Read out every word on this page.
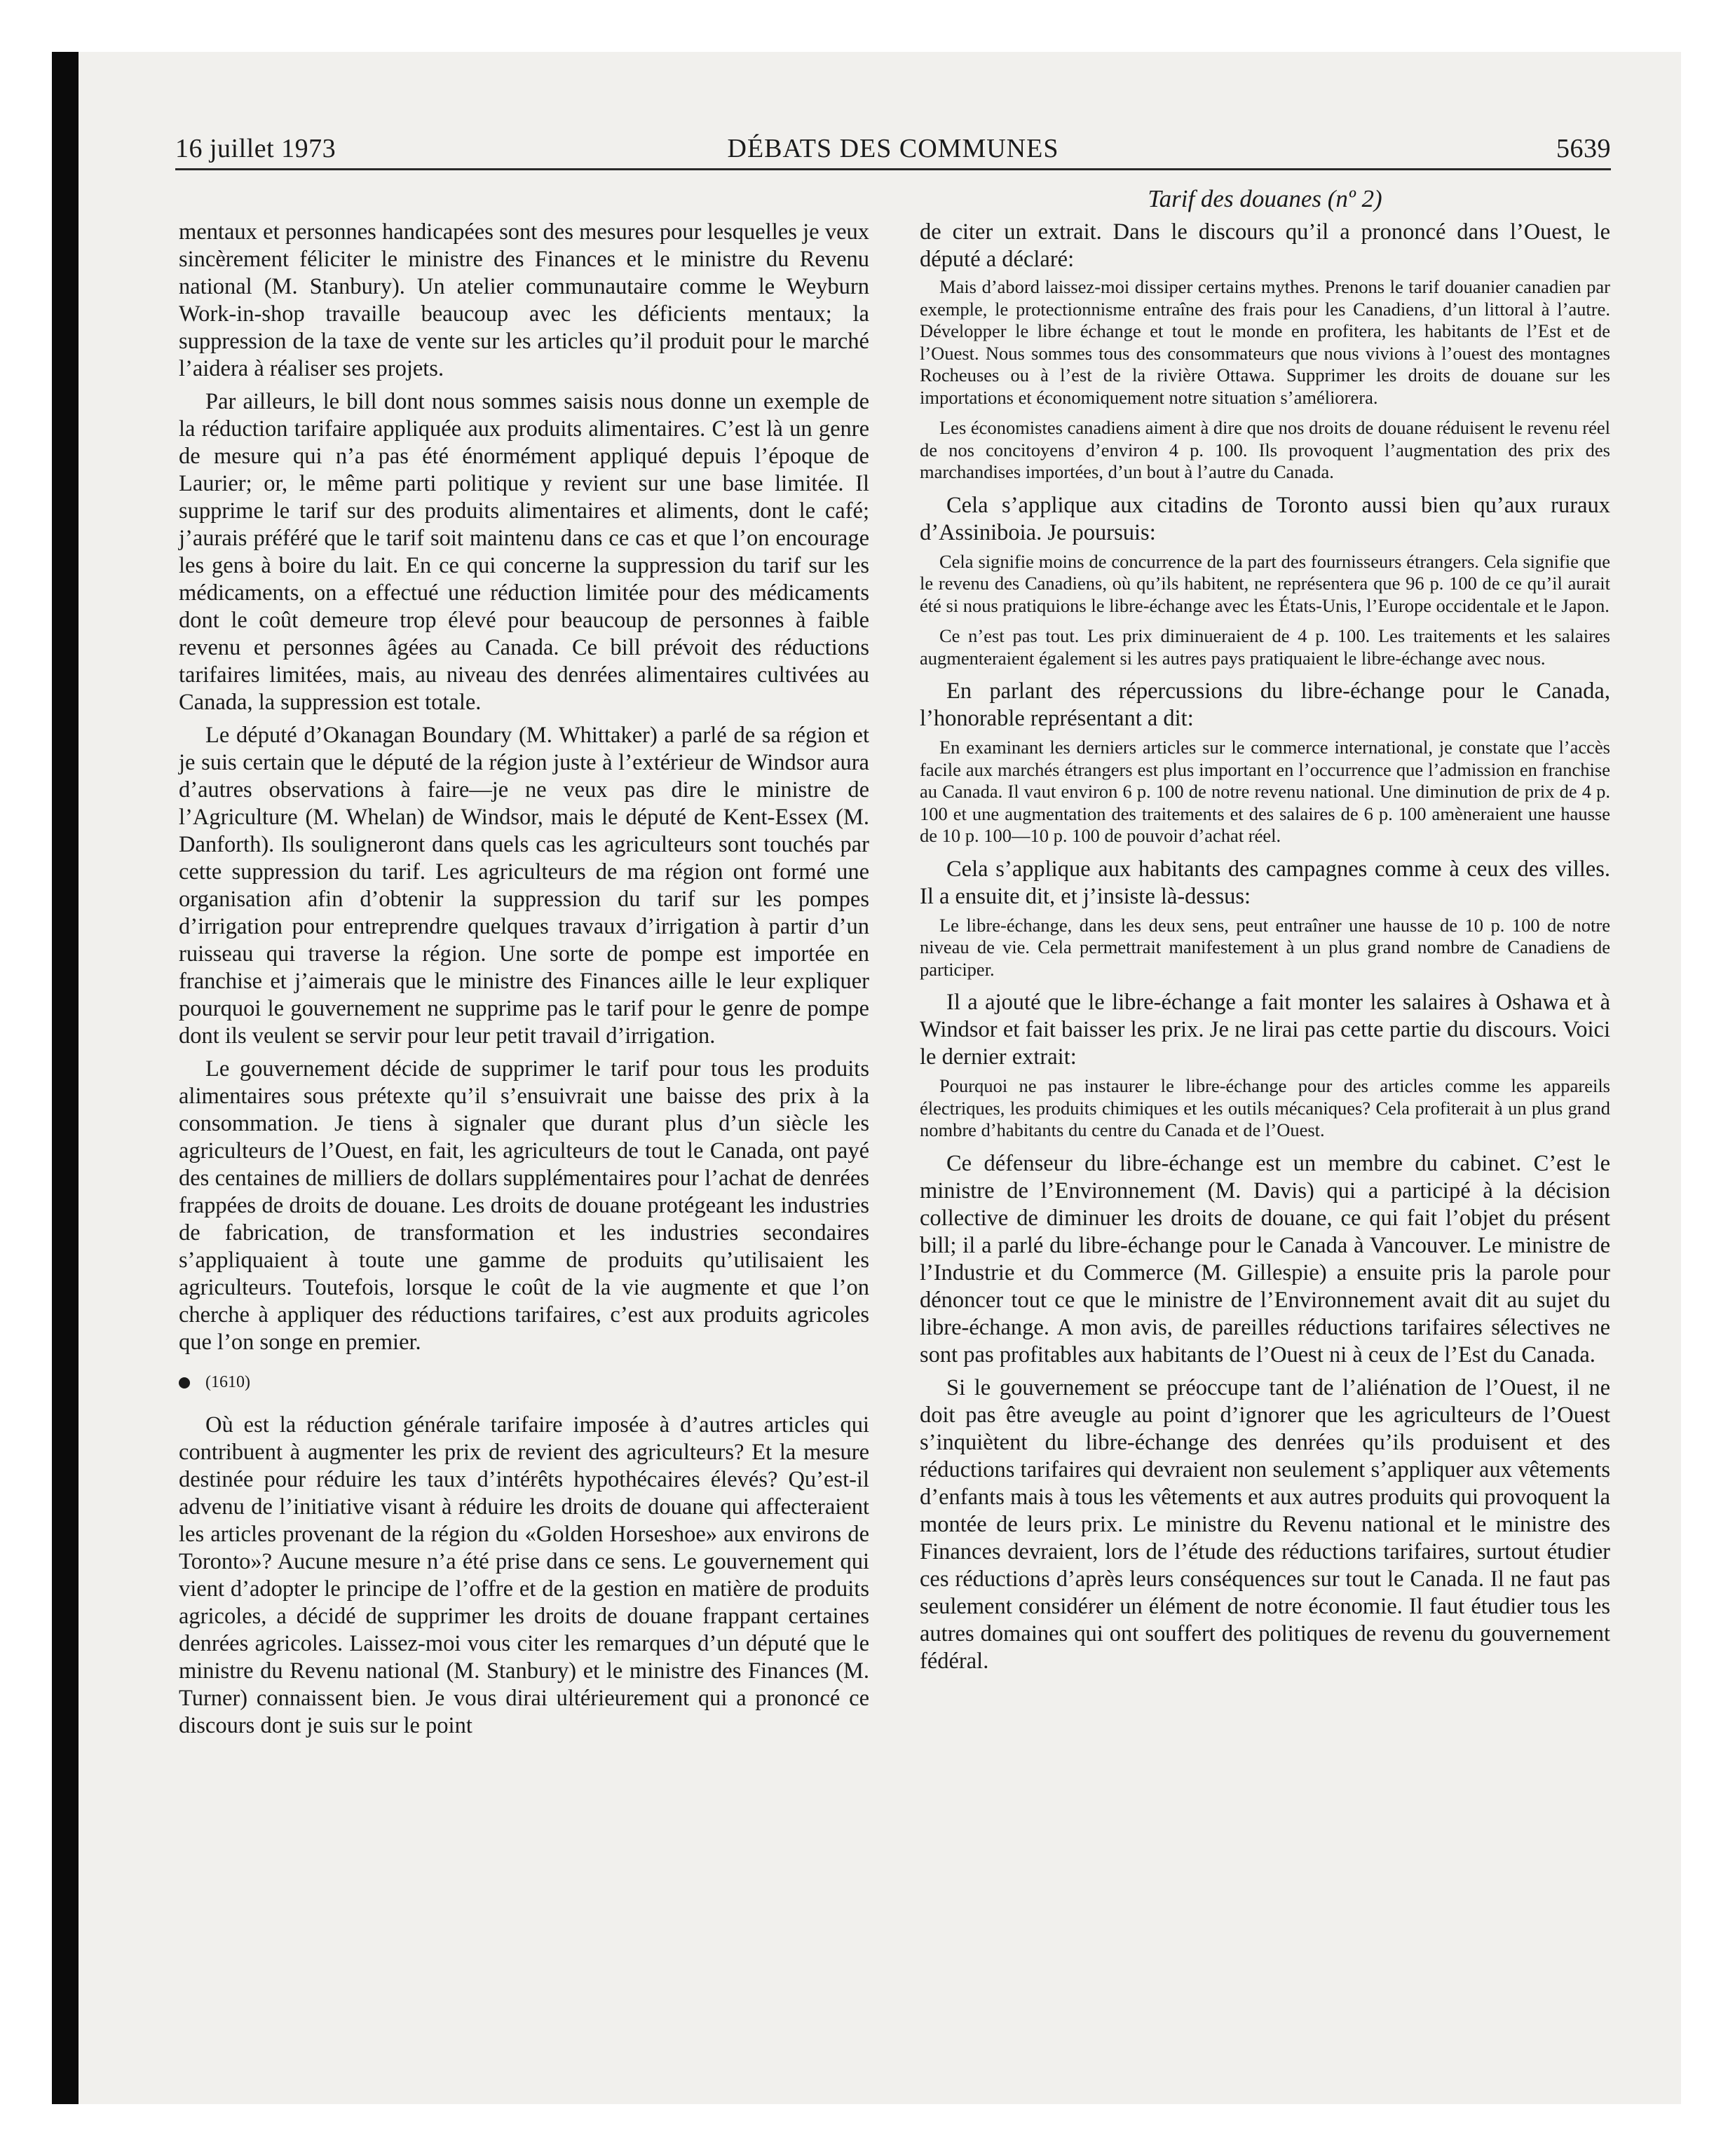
16 juillet 1973	DÉBATS DES COMMUNES	5639
Tarif des douanes (nº 2)

mentaux et personnes handicapées sont des mesures pour lesquelles je veux sincèrement féliciter le ministre des Finances et le ministre du Revenu national (M. Stanbury). Un atelier communautaire comme le Weyburn Work-in-shop travaille beaucoup avec les déficients mentaux; la suppression de la taxe de vente sur les articles qu’il produit pour le marché l’aidera à réaliser ses projets.

Par ailleurs, le bill dont nous sommes saisis nous donne un exemple de la réduction tarifaire appliquée aux produits alimentaires. C’est là un genre de mesure qui n’a pas été énormément appliqué depuis l’époque de Laurier; or, le même parti politique y revient sur une base limitée. Il supprime le tarif sur des produits alimentaires et aliments, dont le café; j’aurais préféré que le tarif soit maintenu dans ce cas et que l’on encourage les gens à boire du lait. En ce qui concerne la suppression du tarif sur les médicaments, on a effectué une réduction limitée pour des médicaments dont le coût demeure trop élevé pour beaucoup de personnes à faible revenu et personnes âgées au Canada. Ce bill prévoit des réductions tarifaires limitées, mais, au niveau des denrées alimentaires cultivées au Canada, la suppression est totale.

Le député d’Okanagan Boundary (M. Whittaker) a parlé de sa région et je suis certain que le député de la région juste à l’extérieur de Windsor aura d’autres observations à faire—je ne veux pas dire le ministre de l’Agriculture (M. Whelan) de Windsor, mais le député de Kent-Essex (M. Danforth). Ils souligneront dans quels cas les agriculteurs sont touchés par cette suppression du tarif. Les agriculteurs de ma région ont formé une organisation afin d’obtenir la suppression du tarif sur les pompes d’irrigation pour entreprendre quelques travaux d’irrigation à partir d’un ruisseau qui traverse la région. Une sorte de pompe est importée en franchise et j’aimerais que le ministre des Finances aille le leur expliquer pourquoi le gouvernement ne supprime pas le tarif pour le genre de pompe dont ils veulent se servir pour leur petit travail d’irrigation.

Le gouvernement décide de supprimer le tarif pour tous les produits alimentaires sous prétexte qu’il s’ensuivrait une baisse des prix à la consommation. Je tiens à signaler que durant plus d’un siècle les agriculteurs de l’Ouest, en fait, les agriculteurs de tout le Canada, ont payé des centaines de milliers de dollars supplémentaires pour l’achat de denrées frappées de droits de douane. Les droits de douane protégeant les industries de fabrication, de transformation et les industries secondaires s’appliquaient à toute une gamme de produits qu’utilisaient les agriculteurs. Toutefois, lorsque le coût de la vie augmente et que l’on cherche à appliquer des réductions tarifaires, c’est aux produits agricoles que l’on songe en premier.

(1610)

Où est la réduction générale tarifaire imposée à d’autres articles qui contribuent à augmenter les prix de revient des agriculteurs? Et la mesure destinée pour réduire les taux d’intérêts hypothécaires élevés? Qu’est-il advenu de l’initiative visant à réduire les droits de douane qui affecteraient les articles provenant de la région du «Golden Horseshoe» aux environs de Toronto»? Aucune mesure n’a été prise dans ce sens. Le gouvernement qui vient d’adopter le principe de l’offre et de la gestion en matière de produits agricoles, a décidé de supprimer les droits de douane frappant certaines denrées agricoles. Laissez-moi vous citer les remarques d’un député que le ministre du Revenu national (M. Stanbury) et le ministre des Finances (M. Turner) connaissent bien. Je vous dirai ultérieurement qui a prononcé ce discours dont je suis sur le point

de citer un extrait. Dans le discours qu’il a prononcé dans l’Ouest, le député a déclaré:

Mais d’abord laissez-moi dissiper certains mythes. Prenons le tarif douanier canadien par exemple, le protectionnisme entraîne des frais pour les Canadiens, d’un littoral à l’autre. Développer le libre échange et tout le monde en profitera, les habitants de l’Est et de l’Ouest. Nous sommes tous des consommateurs que nous vivions à l’ouest des montagnes Rocheuses ou à l’est de la rivière Ottawa. Supprimer les droits de douane sur les importations et économiquement notre situation s’améliorera.

Les économistes canadiens aiment à dire que nos droits de douane réduisent le revenu réel de nos concitoyens d’environ 4 p. 100. Ils provoquent l’augmentation des prix des marchandises importées, d’un bout à l’autre du Canada.

Cela s’applique aux citadins de Toronto aussi bien qu’aux ruraux d’Assiniboia. Je poursuis:

Cela signifie moins de concurrence de la part des fournisseurs étrangers. Cela signifie que le revenu des Canadiens, où qu’ils habitent, ne représentera que 96 p. 100 de ce qu’il aurait été si nous pratiquions le libre-échange avec les États-Unis, l’Europe occidentale et le Japon.

Ce n’est pas tout. Les prix diminueraient de 4 p. 100. Les traitements et les salaires augmenteraient également si les autres pays pratiquaient le libre-échange avec nous.

En parlant des répercussions du libre-échange pour le Canada, l’honorable représentant a dit:

En examinant les derniers articles sur le commerce international, je constate que l’accès facile aux marchés étrangers est plus important en l’occurrence que l’admission en franchise au Canada. Il vaut environ 6 p. 100 de notre revenu national. Une diminution de prix de 4 p. 100 et une augmentation des traitements et des salaires de 6 p. 100 amèneraient une hausse de 10 p. 100—10 p. 100 de pouvoir d’achat réel.

Cela s’applique aux habitants des campagnes comme à ceux des villes. Il a ensuite dit, et j’insiste là-dessus:

Le libre-échange, dans les deux sens, peut entraîner une hausse de 10 p. 100 de notre niveau de vie. Cela permettrait manifestement à un plus grand nombre de Canadiens de participer.

Il a ajouté que le libre-échange a fait monter les salaires à Oshawa et à Windsor et fait baisser les prix. Je ne lirai pas cette partie du discours. Voici le dernier extrait:

Pourquoi ne pas instaurer le libre-échange pour des articles comme les appareils électriques, les produits chimiques et les outils mécaniques? Cela profiterait à un plus grand nombre d’habitants du centre du Canada et de l’Ouest.

Ce défenseur du libre-échange est un membre du cabinet. C’est le ministre de l’Environnement (M. Davis) qui a participé à la décision collective de diminuer les droits de douane, ce qui fait l’objet du présent bill; il a parlé du libre-échange pour le Canada à Vancouver. Le ministre de l’Industrie et du Commerce (M. Gillespie) a ensuite pris la parole pour dénoncer tout ce que le ministre de l’Environnement avait dit au sujet du libre-échange. A mon avis, de pareilles réductions tarifaires sélectives ne sont pas profitables aux habitants de l’Ouest ni à ceux de l’Est du Canada.

Si le gouvernement se préoccupe tant de l’aliénation de l’Ouest, il ne doit pas être aveugle au point d’ignorer que les agriculteurs de l’Ouest s’inquiètent du libre-échange des denrées qu’ils produisent et des réductions tarifaires qui devraient non seulement s’appliquer aux vêtements d’enfants mais à tous les vêtements et aux autres produits qui provoquent la montée de leurs prix. Le ministre du Revenu national et le ministre des Finances devraient, lors de l’étude des réductions tarifaires, surtout étudier ces réductions d’après leurs conséquences sur tout le Canada. Il ne faut pas seulement considérer un élément de notre économie. Il faut étudier tous les autres domaines qui ont souffert des politiques de revenu du gouvernement fédéral.
